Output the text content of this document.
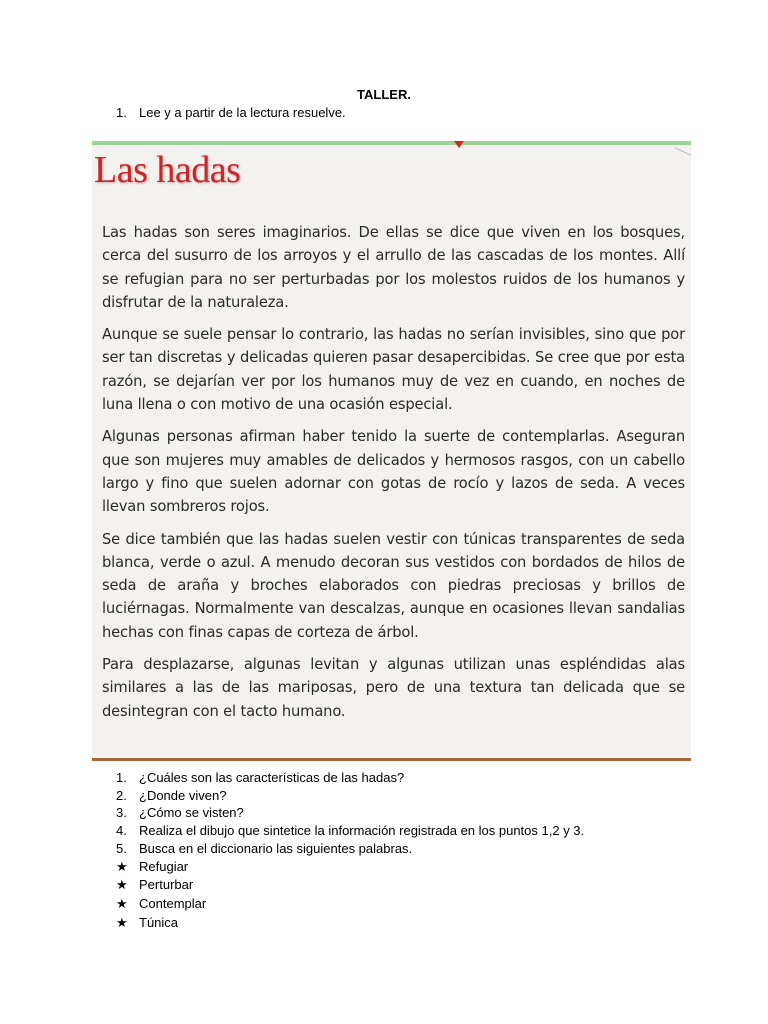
TALLER.
1. Lee y a partir de la lectura resuelve.
Las hadas

Las hadas son seres imaginarios. De ellas se dice que viven en los bosques, cerca del susurro de los arroyos y el arrullo de las cascadas de los montes. Allí se refugian para no ser perturbadas por los molestos ruidos de los humanos y disfrutar de la naturaleza.

Aunque se suele pensar lo contrario, las hadas no serían invisibles, sino que por ser tan discretas y delicadas quieren pasar desapercibidas. Se cree que por esta razón, se dejarían ver por los humanos muy de vez en cuando, en noches de luna llena o con motivo de una ocasión especial.

Algunas personas afirman haber tenido la suerte de contemplarlas. Aseguran que son mujeres muy amables de delicados y hermosos rasgos, con un cabello largo y fino que suelen adornar con gotas de rocío y lazos de seda. A veces llevan sombreros rojos.

Se dice también que las hadas suelen vestir con túnicas transparentes de seda blanca, verde o azul. A menudo decoran sus vestidos con bordados de hilos de seda de araña y broches elaborados con piedras preciosas y brillos de luciérnagas. Normalmente van descalzas, aunque en ocasiones llevan sandalias hechas con finas capas de corteza de árbol.

Para desplazarse, algunas levitan y algunas utilizan unas espléndidas alas similares a las de las mariposas, pero de una textura tan delicada que se desintegran con el tacto humano.

1. ¿Cuáles son las características de las hadas?
2. ¿Donde viven?
3. ¿Cómo se visten?
4. Realiza el dibujo que sintetice la información registrada en los puntos 1,2 y 3.
5. Busca en el diccionario las siguientes palabras.
★ Refugiar
★ Perturbar
★ Contemplar
★ Túnica
